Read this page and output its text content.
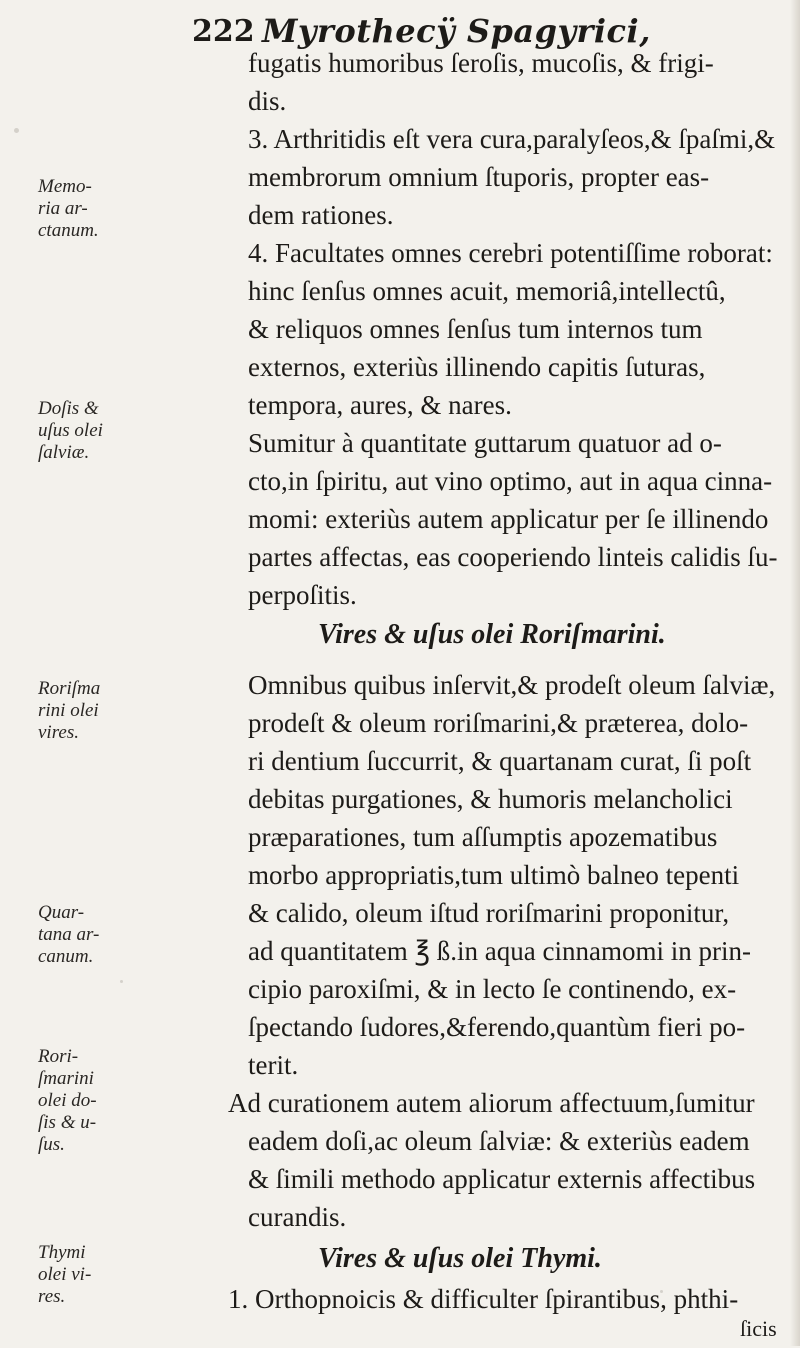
222 Myrothecÿ Spagyrici,
fugatis humoribus ſeroſis, mucoſis, & frigi-
dis.
3. Arthritidis eſt vera cura,paralyſeos,& ſpaſmi,&
membrorum omnium ſtuporis, propter eas-
dem rationes.
4. Facultates omnes cerebri potentiſſime roborat:
hinc ſenſus omnes acuit, memoriâ,intellectû,
& reliquos omnes ſenſus tum internos tum
externos, exteriùs illinendo capitis ſuturas,
tempora, aures, & nares.
Sumitur à quantitate guttarum quatuor ad o-
cto,in ſpiritu, aut vino optimo, aut in aqua cinna-
momi: exteriùs autem applicatur per ſe illinendo
partes affectas, eas cooperiendo linteis calidis ſu-
perpoſitis.
Vires & uſus olei Roriſmarini.
Omnibus quibus inſervit,& prodeſt oleum ſalviæ,
prodeſt & oleum roriſmarini,& præterea, dolo-
ri dentium ſuccurrit, & quartanam curat, ſi poſt
debitas purgationes, & humoris melancholici
præparationes, tum aſſumptis apozematibus
morbo appropriatis,tum ultimò balneo tepenti
& calido, oleum iſtud roriſmarini proponitur,
ad quantitatem ℥ ß.in aqua cinnamomi in prin-
cipio paroxiſmi, & in lecto ſe continendo, ex-
ſpectando ſudores,&ferendo,quantùm fieri po-
terit.
Ad curationem autem aliorum affectuum,ſumitur
eadem doſi,ac oleum ſalviæ: & exteriùs eadem
& ſimili methodo applicatur externis affectibus
curandis.
Vires & uſus olei Thymi.
1. Orthopnoicis & difficulter ſpirantibus, phthi-
ſicis
Memo-
ria ar-
ctanum.
Doſis &
uſus olei
ſalviæ.
Roriſma
rini olei
vires.
Quar-
tana ar-
canum.
Rori-
ſmarini
olei do-
ſis & u-
ſus.
Thymi
olei vi-
res.
